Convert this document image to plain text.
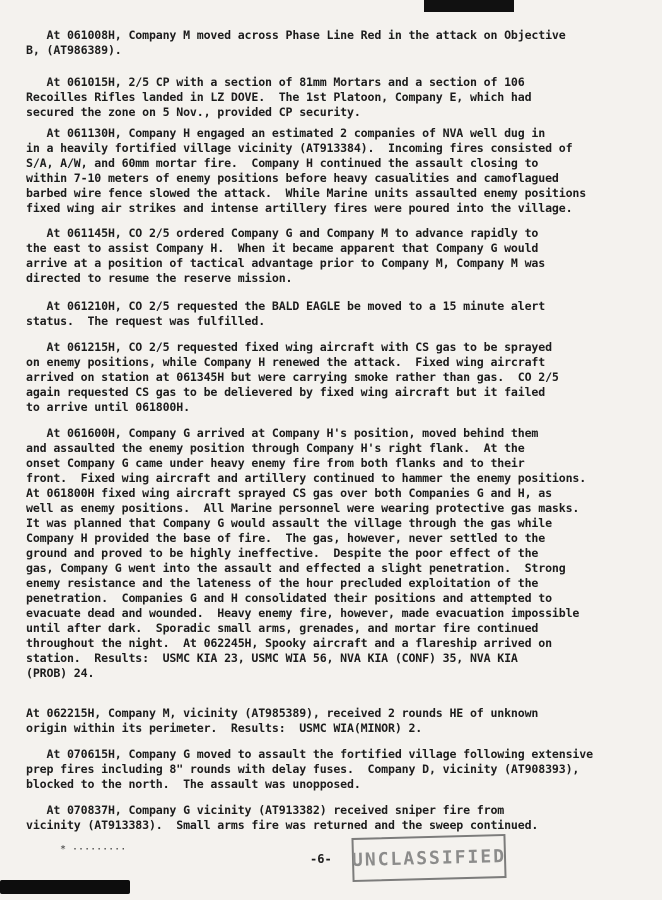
At 061008H, Company M moved across Phase Line Red in the attack on Objective
B, (AT986389).
At 061015H, 2/5 CP with a section of 81mm Mortars and a section of 106
Recoilles Rifles landed in LZ DOVE.  The 1st Platoon, Company E, which had
secured the zone on 5 Nov., provided CP security.
At 061130H, Company H engaged an estimated 2 companies of NVA well dug in
in a heavily fortified village vicinity (AT913384).  Incoming fires consisted of
S/A, A/W, and 60mm mortar fire.  Company H continued the assault closing to
within 7-10 meters of enemy positions before heavy casualities and camoflagued
barbed wire fence slowed the attack.  While Marine units assaulted enemy positions
fixed wing air strikes and intense artillery fires were poured into the village.
At 061145H, CO 2/5 ordered Company G and Company M to advance rapidly to
the east to assist Company H.  When it became apparent that Company G would
arrive at a position of tactical advantage prior to Company M, Company M was
directed to resume the reserve mission.
At 061210H, CO 2/5 requested the BALD EAGLE be moved to a 15 minute alert
status.  The request was fulfilled.
At 061215H, CO 2/5 requested fixed wing aircraft with CS gas to be sprayed
on enemy positions, while Company H renewed the attack.  Fixed wing aircraft
arrived on station at 061345H but were carrying smoke rather than gas.  CO 2/5
again requested CS gas to be delievered by fixed wing aircraft but it failed
to arrive until 061800H.
At 061600H, Company G arrived at Company H's position, moved behind them
and assaulted the enemy position through Company H's right flank.  At the
onset Company G came under heavy enemy fire from both flanks and to their
front.  Fixed wing aircraft and artillery continued to hammer the enemy positions.
At 061800H fixed wing aircraft sprayed CS gas over both Companies G and H, as
well as enemy positions.  All Marine personnel were wearing protective gas masks.
It was planned that Company G would assault the village through the gas while
Company H provided the base of fire.  The gas, however, never settled to the
ground and proved to be highly ineffective.  Despite the poor effect of the
gas, Company G went into the assault and effected a slight penetration.  Strong
enemy resistance and the lateness of the hour precluded exploitation of the
penetration.  Companies G and H consolidated their positions and attempted to
evacuate dead and wounded.  Heavy enemy fire, however, made evacuation impossible
until after dark.  Sporadic small arms, grenades, and mortar fire continued
throughout the night.  At 062245H, Spooky aircraft and a flareship arrived on
station.  Results:  USMC KIA 23, USMC WIA 56, NVA KIA (CONF) 35, NVA KIA
(PROB) 24.
At 062215H, Company M, vicinity (AT985389), received 2 rounds HE of unknown
origin within its perimeter.  Results:  USMC WIA(MINOR) 2.
At 070615H, Company G moved to assault the fortified village following extensive
prep fires including 8" rounds with delay fuses.  Company D, vicinity (AT908393),
blocked to the north.  The assault was unopposed.
At 070837H, Company G vicinity (AT913382) received sniper fire from
vicinity (AT913383).  Small arms fire was returned and the sweep continued.
* ·········
-6- UNCLASSIFIED
